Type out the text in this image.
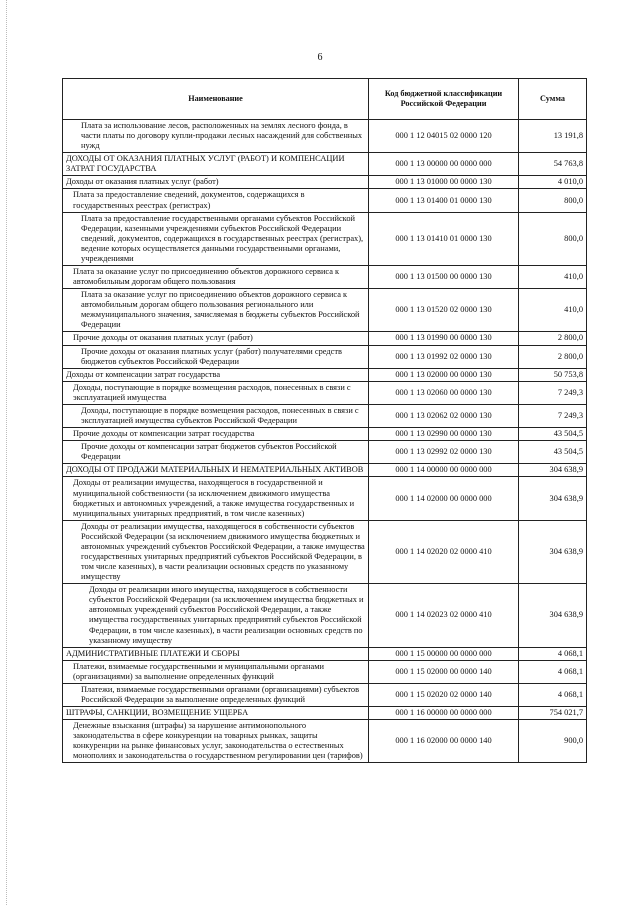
6
Наименование	Код бюджетной классификации Российской Федерации	Сумма
Плата за использование лесов, расположенных на землях лесного фонда, в части платы по договору купли-продажи лесных насаждений для собственных нужд	000 1 12 04015 02 0000 120	13 191,8
ДОХОДЫ ОТ ОКАЗАНИЯ ПЛАТНЫХ УСЛУГ (РАБОТ) И КОМПЕНСАЦИИ ЗАТРАТ ГОСУДАРСТВА	000 1 13 00000 00 0000 000	54 763,8
Доходы от оказания платных услуг (работ)	000 1 13 01000 00 0000 130	4 010,0
Плата за предоставление сведений, документов, содержащихся в государственных реестрах (регистрах)	000 1 13 01400 01 0000 130	800,0
Плата за предоставление государственными органами субъектов Российской Федерации, казенными учреждениями субъектов Российской Федерации сведений, документов, содержащихся в государственных реестрах (регистрах), ведение которых осуществляется данными государственными органами, учреждениями	000 1 13 01410 01 0000 130	800,0
Плата за оказание услуг по присоединению объектов дорожного сервиса к автомобильным дорогам общего пользования	000 1 13 01500 00 0000 130	410,0
Плата за оказание услуг по присоединению объектов дорожного сервиса к автомобильным дорогам общего пользования регионального или межмуниципального значения, зачисляемая в бюджеты субъектов Российской Федерации	000 1 13 01520 02 0000 130	410,0
Прочие доходы от оказания платных услуг (работ)	000 1 13 01990 00 0000 130	2 800,0
Прочие доходы от оказания платных услуг (работ) получателями средств бюджетов субъектов Российской Федерации	000 1 13 01992 02 0000 130	2 800,0
Доходы от компенсации затрат государства	000 1 13 02000 00 0000 130	50 753,8
Доходы, поступающие в порядке возмещения расходов, понесенных в связи с эксплуатацией имущества	000 1 13 02060 00 0000 130	7 249,3
Доходы, поступающие в порядке возмещения расходов, понесенных в связи с эксплуатацией имущества субъектов Российской Федерации	000 1 13 02062 02 0000 130	7 249,3
Прочие доходы от компенсации затрат государства	000 1 13 02990 00 0000 130	43 504,5
Прочие доходы от компенсации затрат бюджетов субъектов Российской Федерации	000 1 13 02992 02 0000 130	43 504,5
ДОХОДЫ ОТ ПРОДАЖИ МАТЕРИАЛЬНЫХ И НЕМАТЕРИАЛЬНЫХ АКТИВОВ	000 1 14 00000 00 0000 000	304 638,9
Доходы от реализации имущества, находящегося в государственной и муниципальной собственности (за исключением движимого имущества бюджетных и автономных учреждений, а также имущества государственных и муниципальных унитарных предприятий, в том числе казенных)	000 1 14 02000 00 0000 000	304 638,9
Доходы от реализации имущества, находящегося в собственности субъектов Российской Федерации (за исключением движимого имущества бюджетных и автономных учреждений субъектов Российской Федерации, а также имущества государственных унитарных предприятий субъектов Российской Федерации, в том числе казенных), в части реализации основных средств по указанному имуществу	000 1 14 02020 02 0000 410	304 638,9
Доходы от реализации иного имущества, находящегося в собственности субъектов Российской Федерации (за исключением имущества бюджетных и автономных учреждений субъектов Российской Федерации, а также имущества государственных унитарных предприятий субъектов Российской Федерации, в том числе казенных), в части реализации основных средств по указанному имуществу	000 1 14 02023 02 0000 410	304 638,9
АДМИНИСТРАТИВНЫЕ ПЛАТЕЖИ И СБОРЫ	000 1 15 00000 00 0000 000	4 068,1
Платежи, взимаемые государственными и муниципальными органами (организациями) за выполнение определенных функций	000 1 15 02000 00 0000 140	4 068,1
Платежи, взимаемые государственными органами (организациями) субъектов Российской Федерации за выполнение определенных функций	000 1 15 02020 02 0000 140	4 068,1
ШТРАФЫ, САНКЦИИ, ВОЗМЕЩЕНИЕ УЩЕРБА	000 1 16 00000 00 0000 000	754 021,7
Денежные взыскания (штрафы) за нарушение антимонопольного законодательства в сфере конкуренции на товарных рынках, защиты конкуренции на рынке финансовых услуг, законодательства о естественных монополиях и законодательства о государственном регулировании цен (тарифов)	000 1 16 02000 00 0000 140	900,0
